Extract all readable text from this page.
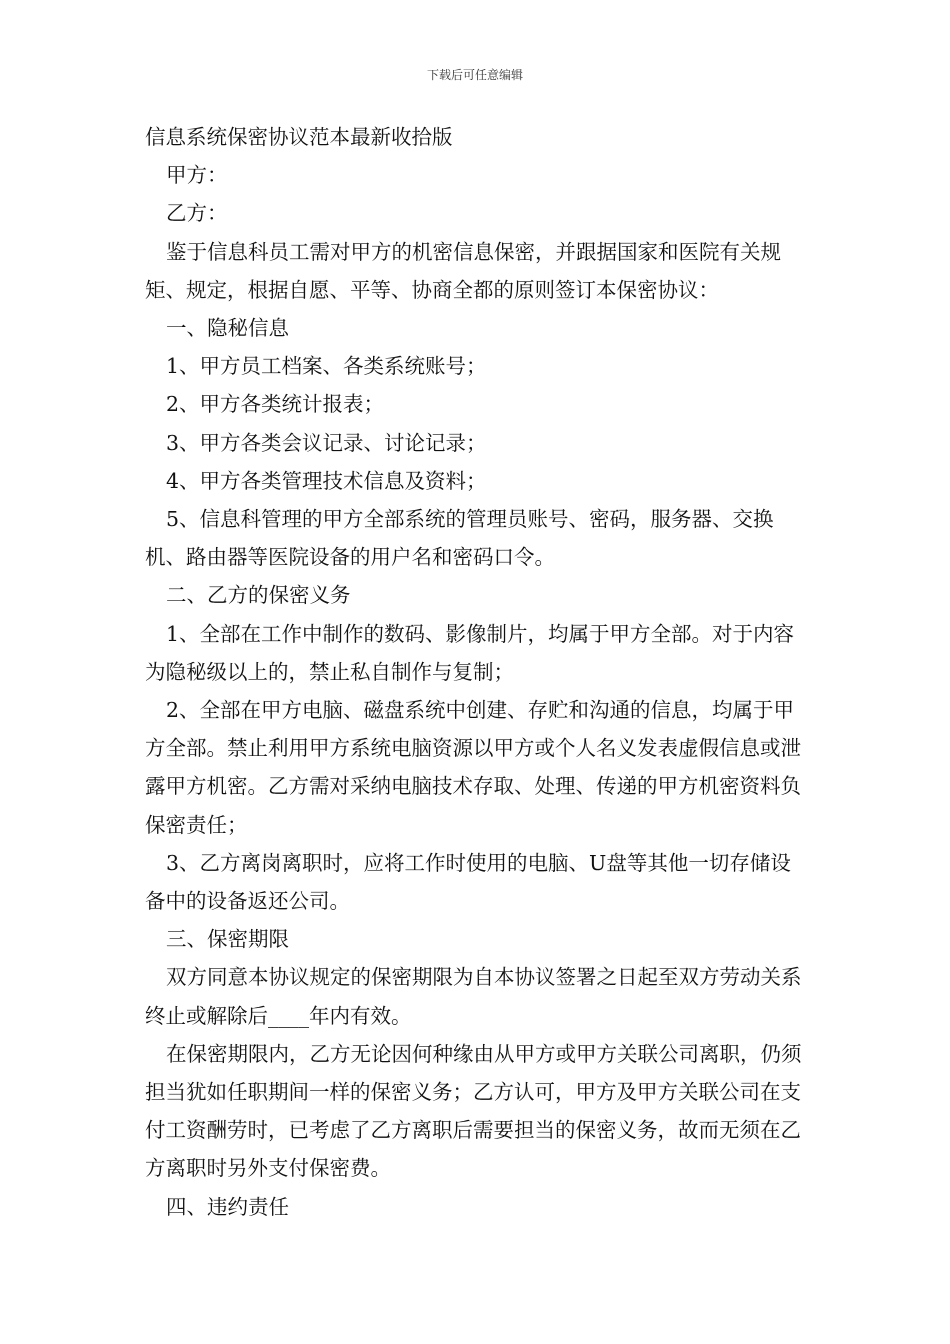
下载后可任意编辑

信息系统保密协议范本最新收拾版

甲方：

乙方：

鉴于信息科员工需对甲方的机密信息保密，并跟据国家和医院有关规矩、规定，根据自愿、平等、协商全都的原则签订本保密协议：

一、隐秘信息

1、甲方员工档案、各类系统账号；

2、甲方各类统计报表；

3、甲方各类会议记录、讨论记录；

4、甲方各类管理技术信息及资料；

5、信息科管理的甲方全部系统的管理员账号、密码，服务器、交换机、路由器等医院设备的用户名和密码口令。

二、乙方的保密义务

1、全部在工作中制作的数码、影像制片，均属于甲方全部。对于内容为隐秘级以上的，禁止私自制作与复制；

2、全部在甲方电脑、磁盘系统中创建、存贮和沟通的信息，均属于甲方全部。禁止利用甲方系统电脑资源以甲方或个人名义发表虚假信息或泄露甲方机密。乙方需对采纳电脑技术存取、处理、传递的甲方机密资料负保密责任；

3、乙方离岗离职时，应将工作时使用的电脑、U盘等其他一切存储设备中的设备返还公司。

三、保密期限

双方同意本协议规定的保密期限为自本协议签署之日起至双方劳动关系终止或解除后____年内有效。

在保密期限内，乙方无论因何种缘由从甲方或甲方关联公司离职，仍须担当犹如任职期间一样的保密义务；乙方认可，甲方及甲方关联公司在支付工资酬劳时，已考虑了乙方离职后需要担当的保密义务，故而无须在乙方离职时另外支付保密费。

四、违约责任
